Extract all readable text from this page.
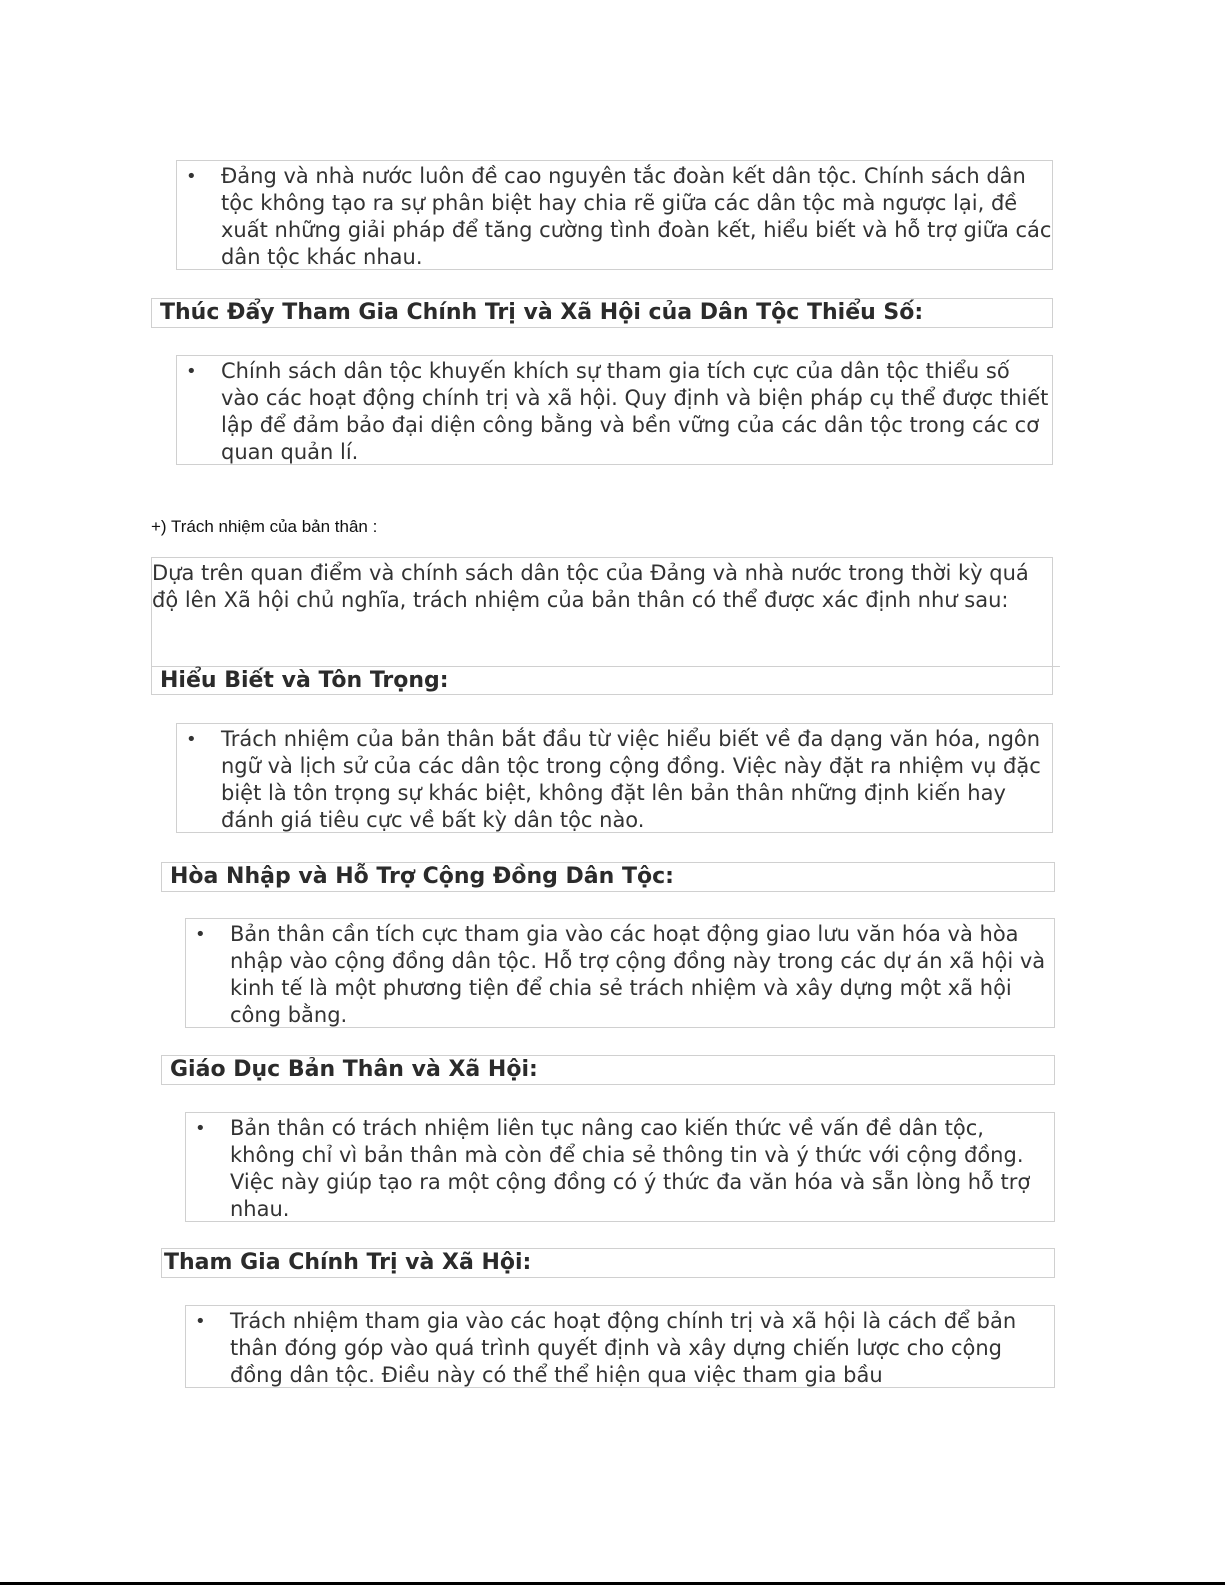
• Đảng và nhà nước luôn đề cao nguyên tắc đoàn kết dân tộc. Chính sách dân tộc không tạo ra sự phân biệt hay chia rẽ giữa các dân tộc mà ngược lại, đề xuất những giải pháp để tăng cường tình đoàn kết, hiểu biết và hỗ trợ giữa các dân tộc khác nhau.
Thúc Đẩy Tham Gia Chính Trị và Xã Hội của Dân Tộc Thiểu Số:
• Chính sách dân tộc khuyến khích sự tham gia tích cực của dân tộc thiểu số vào các hoạt động chính trị và xã hội. Quy định và biện pháp cụ thể được thiết lập để đảm bảo đại diện công bằng và bền vững của các dân tộc trong các cơ quan quản lí.
+) Trách nhiệm của bản thân :
Dựa trên quan điểm và chính sách dân tộc của Đảng và nhà nước trong thời kỳ quá độ lên Xã hội chủ nghĩa, trách nhiệm của bản thân có thể được xác định như sau:
Hiểu Biết và Tôn Trọng:
• Trách nhiệm của bản thân bắt đầu từ việc hiểu biết về đa dạng văn hóa, ngôn ngữ và lịch sử của các dân tộc trong cộng đồng. Việc này đặt ra nhiệm vụ đặc biệt là tôn trọng sự khác biệt, không đặt lên bản thân những định kiến hay đánh giá tiêu cực về bất kỳ dân tộc nào.
Hòa Nhập và Hỗ Trợ Cộng Đồng Dân Tộc:
• Bản thân cần tích cực tham gia vào các hoạt động giao lưu văn hóa và hòa nhập vào cộng đồng dân tộc. Hỗ trợ cộng đồng này trong các dự án xã hội và kinh tế là một phương tiện để chia sẻ trách nhiệm và xây dựng một xã hội công bằng.
Giáo Dục Bản Thân và Xã Hội:
• Bản thân có trách nhiệm liên tục nâng cao kiến thức về vấn đề dân tộc, không chỉ vì bản thân mà còn để chia sẻ thông tin và ý thức với cộng đồng. Việc này giúp tạo ra một cộng đồng có ý thức đa văn hóa và sẵn lòng hỗ trợ nhau.
Tham Gia Chính Trị và Xã Hội:
• Trách nhiệm tham gia vào các hoạt động chính trị và xã hội là cách để bản thân đóng góp vào quá trình quyết định và xây dựng chiến lược cho cộng đồng dân tộc. Điều này có thể thể hiện qua việc tham gia bầu
